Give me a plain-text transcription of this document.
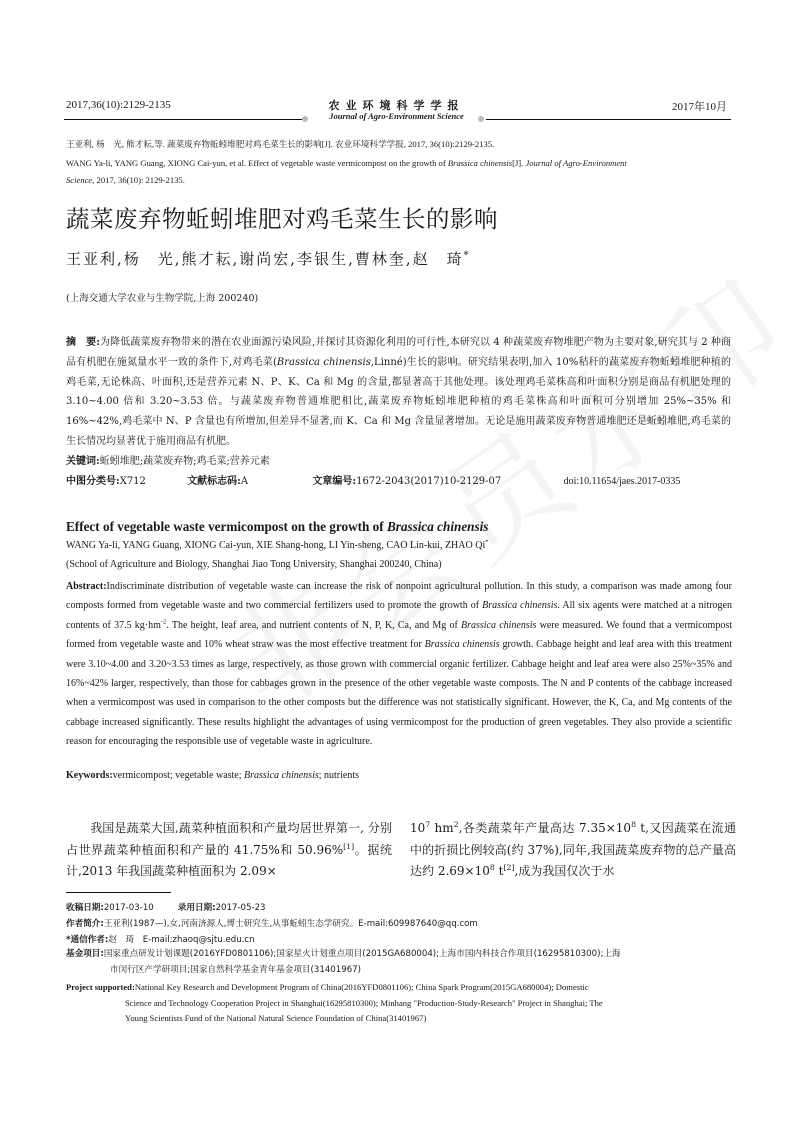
2017,36(10):2129-2135	农业环境科学学报
Journal of Agro-Environment Science
2017年10月
王亚利, 杨　光, 熊才耘,等. 蔬菜废弃物蚯蚓堆肥对鸡毛菜生长的影响[J]. 农业环境科学学报, 2017, 36(10):2129-2135.
WANG Ya-li, YANG Guang, XIONG Cai-yun, et al. Effect of vegetable waste vermicompost on the growth of Brassica chinensis[J]. Journal of Agro-Environment
Science, 2017, 36(10): 2129-2135.
蔬菜废弃物蚯蚓堆肥对鸡毛菜生长的影响
王亚利,杨　光,熊才耘,谢尚宏,李银生,曹林奎,赵　琦*
(上海交通大学农业与生物学院,上海 200240)
摘　要:为降低蔬菜废弃物带来的潜在农业面源污染风险,并探讨其资源化利用的可行性,本研究以 4 种蔬菜废弃物堆肥产物为主要对象,研究其与 2 种商品有机肥在施氮量水平一致的条件下,对鸡毛菜(Brassica chinensis,Linné)生长的影响。研究结果表明,加入 10%秸秆的蔬菜废弃物蚯蚓堆肥种植的鸡毛菜,无论株高、叶面积,还是营养元素 N、P、K、Ca 和 Mg 的含量,都显著高于其他处理。该处理鸡毛菜株高和叶面积分别是商品有机肥处理的 3.10~4.00 倍和 3.20~3.53 倍。与蔬菜废弃物普通堆肥相比,蔬菜废弃物蚯蚓堆肥种植的鸡毛菜株高和叶面积可分别增加 25%~35% 和 16%~42%,鸡毛菜中 N、P 含量也有所增加,但差异不显著,而 K、Ca 和 Mg 含量显著增加。无论是施用蔬菜废弃物普通堆肥还是蚯蚓堆肥,鸡毛菜的生长情况均显著优于施用商品有机肥。
关键词:蚯蚓堆肥;蔬菜废弃物;鸡毛菜;营养元素
中图分类号:X712	文献标志码:A	文章编号:1672-2043(2017)10-2129-07	doi:10.11654/jaes.2017-0335
Effect of vegetable waste vermicompost on the growth of Brassica chinensis
WANG Ya-li, YANG Guang, XIONG Cai-yun, XIE Shang-hong, LI Yin-sheng, CAO Lin-kui, ZHAO Qi*
(School of Agriculture and Biology, Shanghai Jiao Tong University, Shanghai 200240, China)
Abstract:Indiscriminate distribution of vegetable waste can increase the risk of nonpoint agricultural pollution. In this study, a comparison was made among four composts formed from vegetable waste and two commercial fertilizers used to promote the growth of Brassica chinensis. All six agents were matched at a nitrogen contents of 37.5 $kg\cdot hm^{-2}$. The height, leaf area, and nutrient contents of N, P, K, Ca, and Mg of Brassica chinensis were measured. We found that a vermicompost formed from vegetable waste and 10% wheat straw was the most effective treatment for Brassica chinensis growth. Cabbage height and leaf area with this treatment were 3.10~4.00 and 3.20~3.53 times as large, respectively, as those grown with commercial organic fertilizer. Cabbage height and leaf area were also 25%~35% and 16%~42% larger, respectively, than those for cabbages grown in the presence of the other vegetable waste composts. The N and P contents of the cabbage increased when a vermicompost was used in comparison to the other composts but the difference was not statistically significant. However, the K, Ca, and Mg contents of the cabbage increased significantly. These results highlight the advantages of using vermicompost for the production of green vegetables. They also provide a scientific reason for encouraging the responsible use of vegetable waste in agriculture.
Keywords:vermicompost; vegetable waste; Brassica chinensis; nutrients
　　我国是蔬菜大国,蔬菜种植面积和产量均居世界第一, 分别占世界蔬菜种植面积和产量的 41.75%和 50.96%[1]。据统计,2013 年我国蔬菜种植面积为 2.09×
$10^7$ $hm^2$,各类蔬菜年产量高达 $7.35\times 10^8$ t,又因蔬菜在流通中的折损比例较高(约 37%),同年,我国蔬菜废弃物的总产量高达约 $2.69\times 10^8$ t[2],成为我国仅次于水
收稿日期:2017-03-10	录用日期:2017-05-23
作者简介:王亚利(1987—),女,河南济源人,博士研究生,从事蚯蚓生态学研究。E-mail:609987640@qq.com
*通信作者:赵　琦　E-mail:zhaoq@sjtu.edu.cn
基金项目:国家重点研发计划课题(2016YFD0801106);国家星火计划重点项目(2015GA680004);上海市国内科技合作项目(16295810300);上海
市闵行区产学研项目;国家自然科学基金青年基金项目(31401967)
Project supported:National Key Research and Development Program of China(2016YFD0801106); China Spark Program(2015GA680004); Domestic
Science and Technology Cooperation Project in Shanghai(16295810300); Minhang "Production-Study-Research" Project in Shanghai; The
Young Scientists Fund of the National Natural Science Foundation of China(31401967)
